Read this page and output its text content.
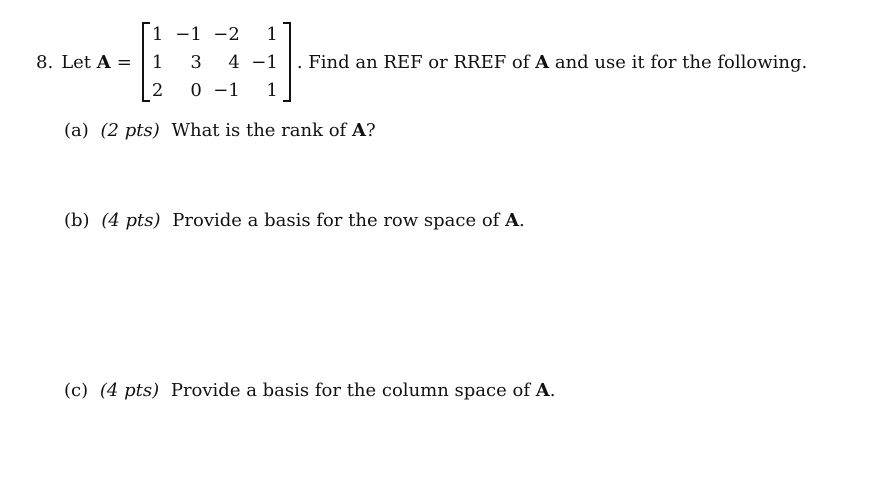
8. Let
A =
1	−1	−2	1
1	3	4	−1
2	0	−1	1
. Find an REF or RREF of
A
and use it for the following.
(a) (2 pts) What is the rank of A?
(b) (4 pts) Provide a basis for the row space of A.
(c) (4 pts) Provide a basis for the column space of A.
